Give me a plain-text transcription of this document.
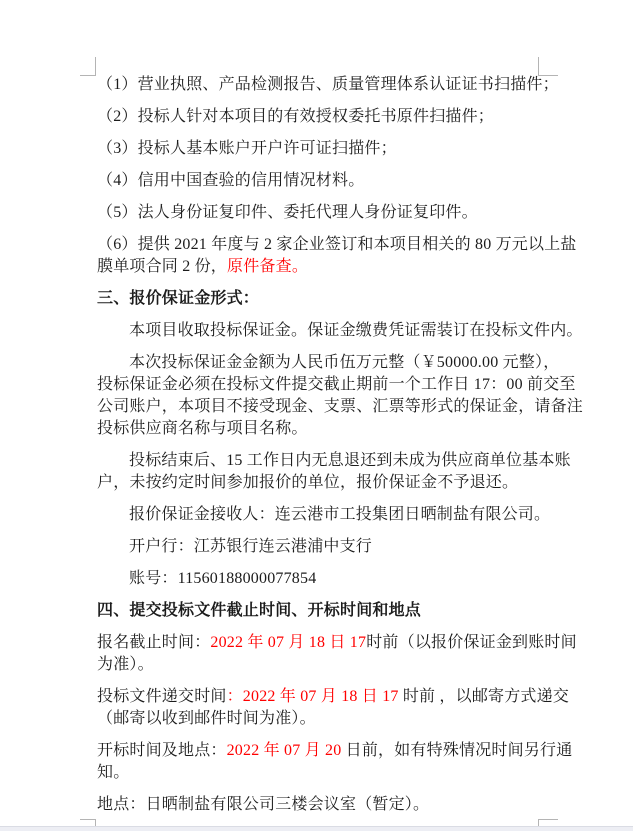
（1）营业执照、产品检测报告、质量管理体系认证证书扫描件；
（2）投标人针对本项目的有效授权委托书原件扫描件；
（3）投标人基本账户开户许可证扫描件；
（4）信用中国查验的信用情况材料。
（5）法人身份证复印件、委托代理人身份证复印件。
（6）提供 2021 年度与 2 家企业签订和本项目相关的 80 万元以上盐
膜单项合同 2 份，原件备查。
三、报价保证金形式：
本项目收取投标保证金。保证金缴费凭证需装订在投标文件内。
本次投标保证金金额为人民币伍万元整（￥50000.00 元整），
投标保证金必须在投标文件提交截止期前一个工作日 17：00 前交至
公司账户，本项目不接受现金、支票、汇票等形式的保证金，请备注
投标供应商名称与项目名称。
投标结束后、15 工作日内无息退还到未成为供应商单位基本账
户，未按约定时间参加报价的单位，报价保证金不予退还。
报价保证金接收人：连云港市工投集团日晒制盐有限公司。
开户行：江苏银行连云港浦中支行
账号：11560188000077854
四、提交投标文件截止时间、开标时间和地点
报名截止时间：2022 年 07 月 18 日 17时前（以报价保证金到账时间
为准）。
投标文件递交时间：2022 年 07 月 18 日 17 时前 ，以邮寄方式递交
（邮寄以收到邮件时间为准）。
开标时间及地点：2022 年 07 月 20 日前，如有特殊情况时间另行通
知。
地点：日晒制盐有限公司三楼会议室（暂定）。
